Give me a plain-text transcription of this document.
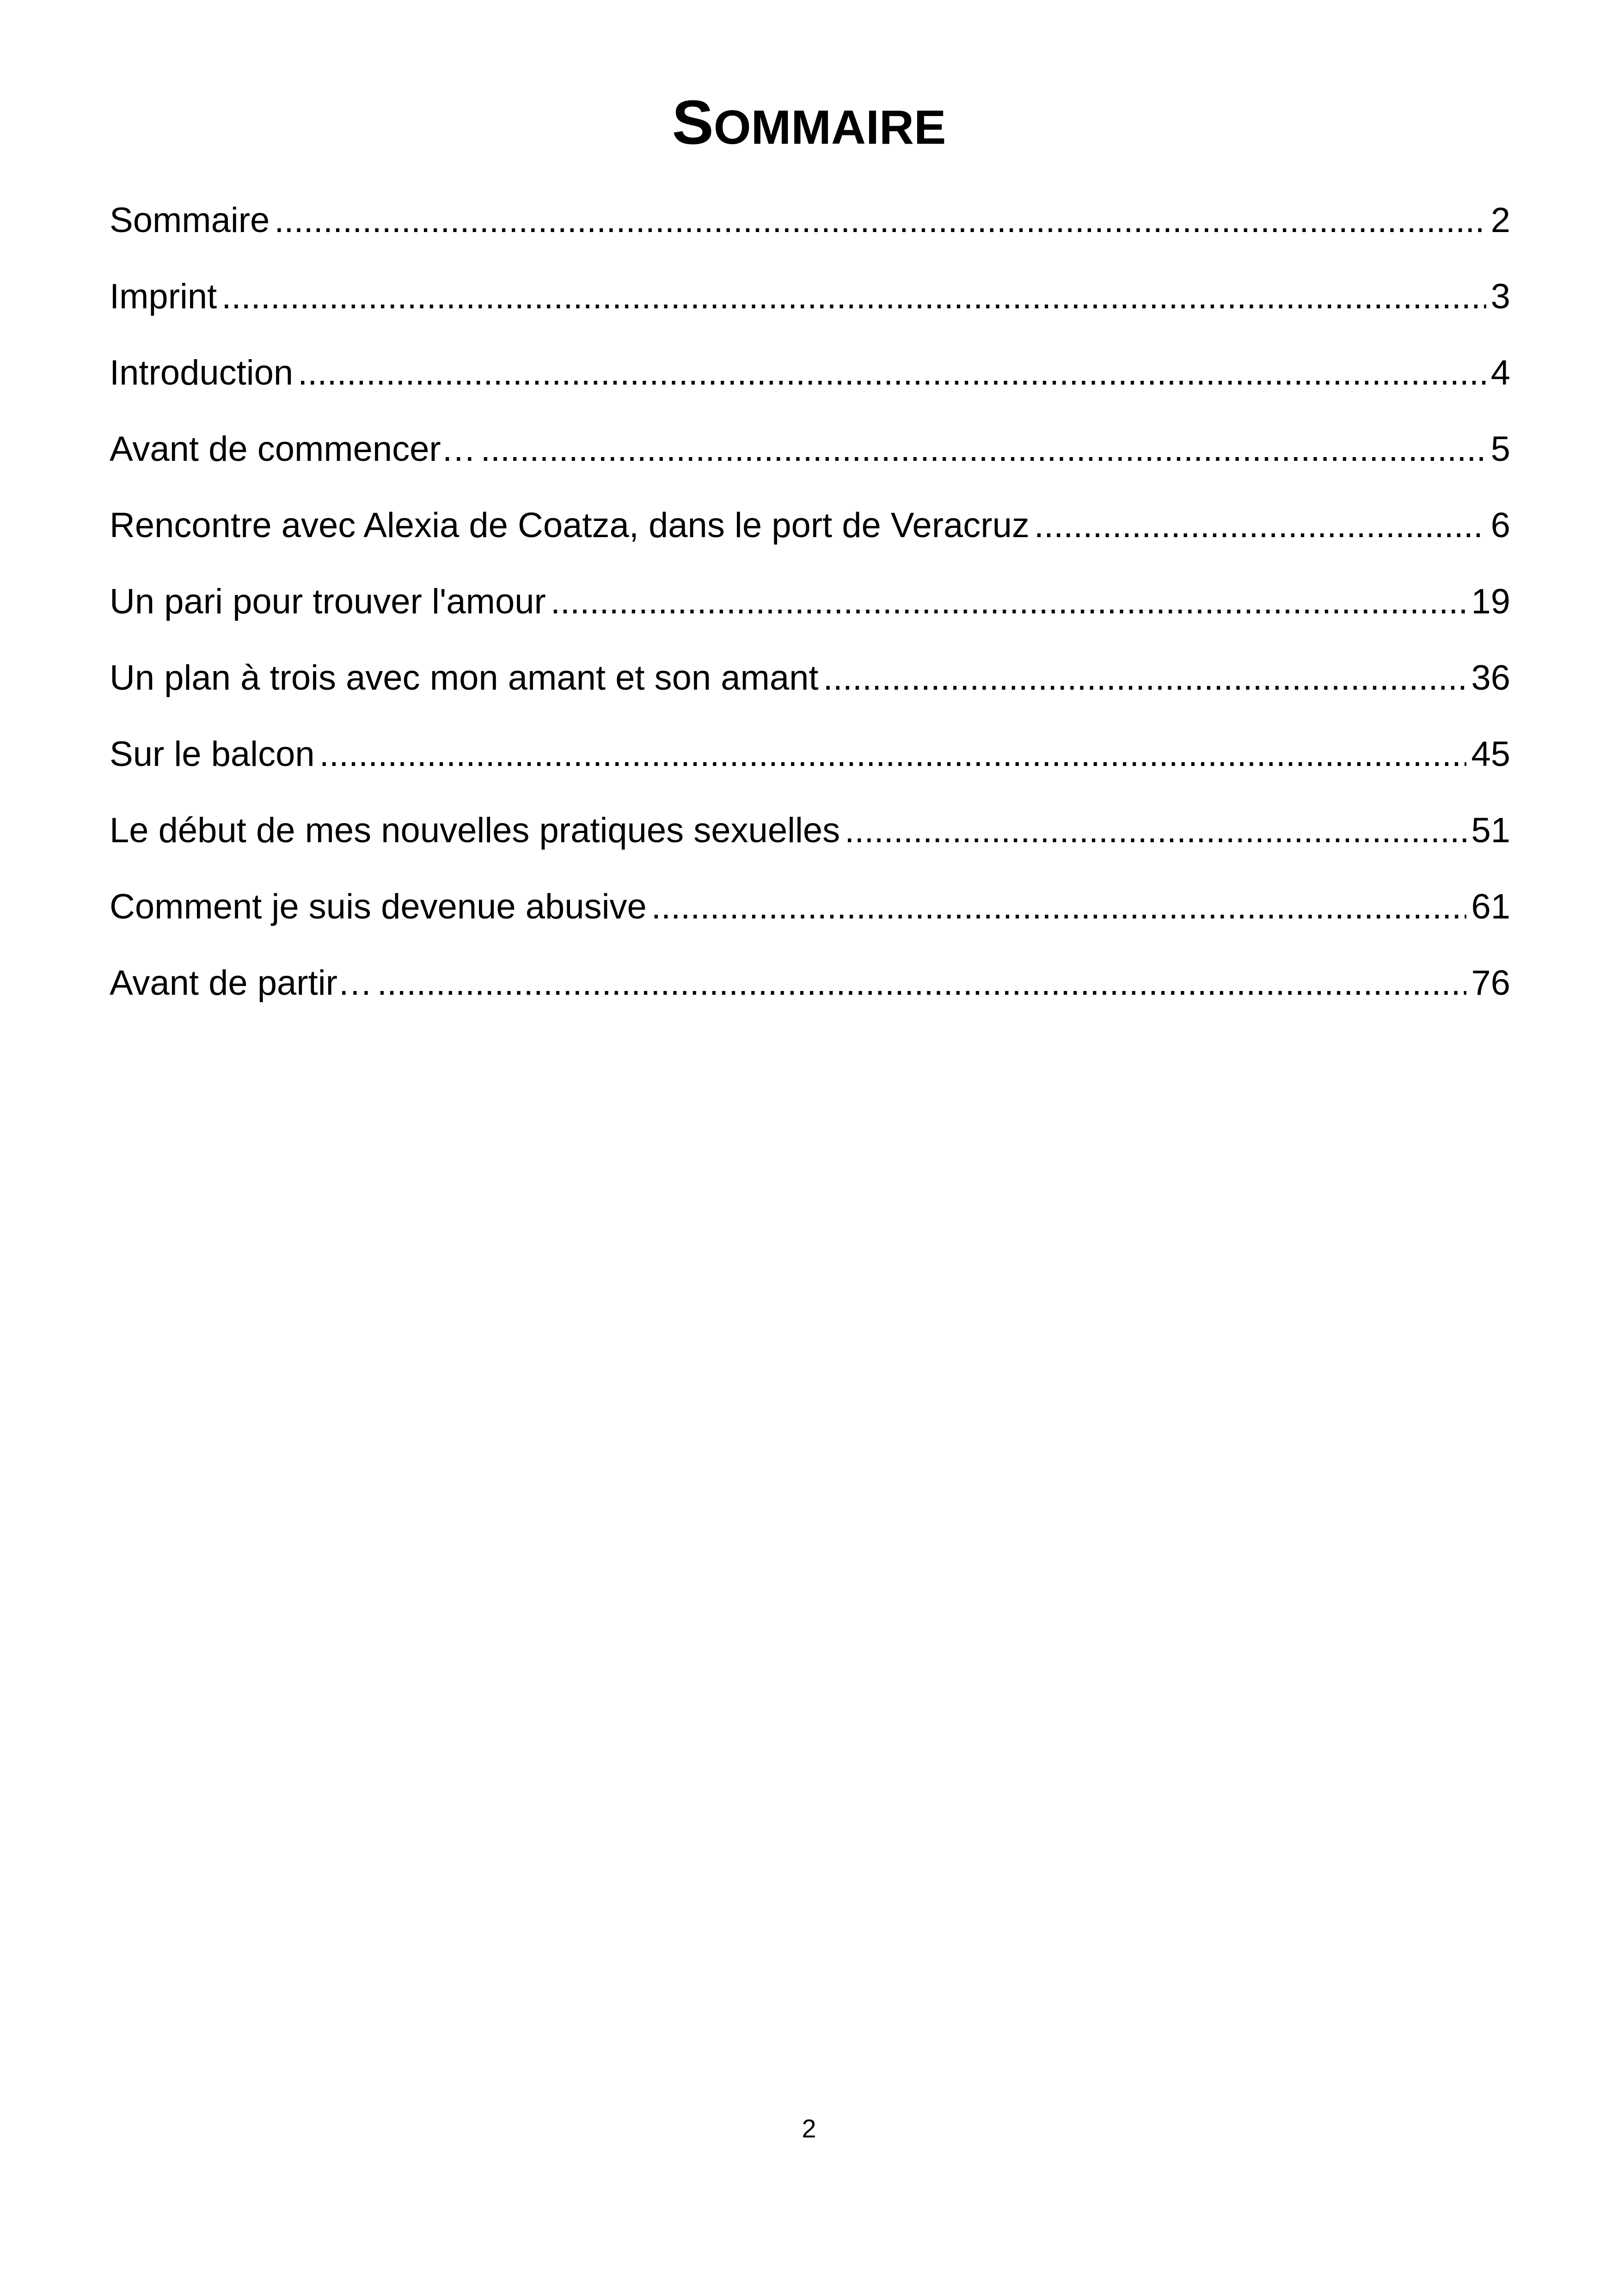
SOMMAIRE
Sommaire .....	2
Imprint .....	3
Introduction .....	4
Avant de commencer… .....	5
Rencontre avec Alexia de Coatza, dans le port de Veracruz .....	6
Un pari pour trouver l'amour .....	19
Un plan à trois avec mon amant et son amant .....	36
Sur le balcon .....	45
Le début de mes nouvelles pratiques sexuelles .....	51
Comment je suis devenue abusive .....	61
Avant de partir… .....	76
2
